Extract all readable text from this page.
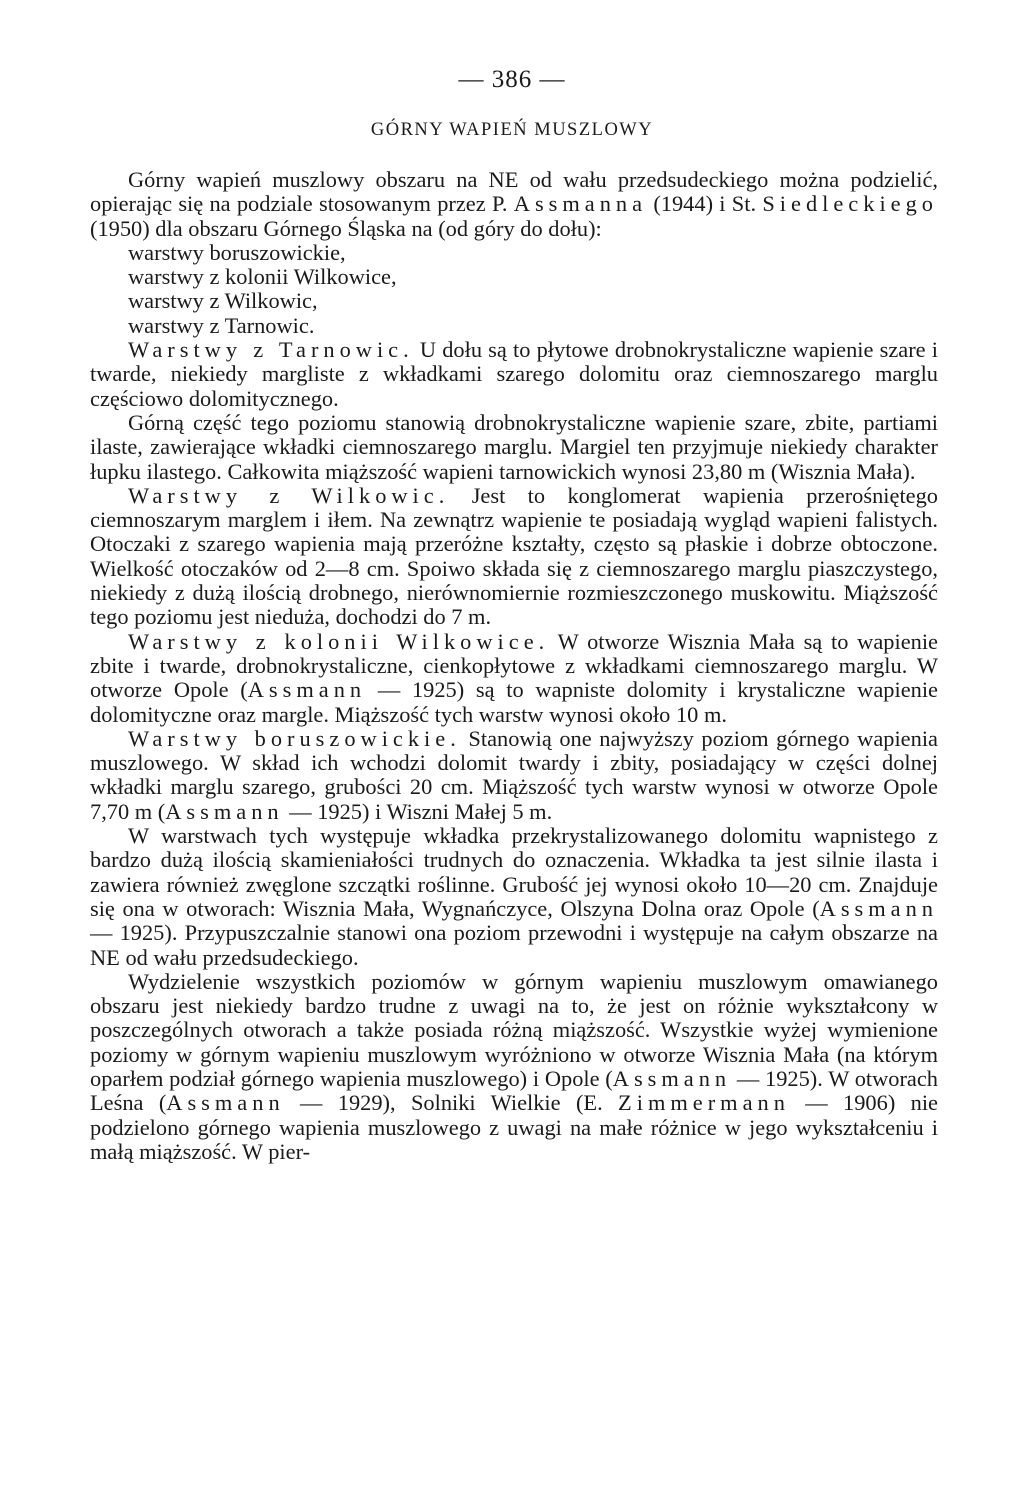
— 386 —
GÓRNY WAPIEŃ MUSZLOWY

Górny wapień muszlowy obszaru na NE od wału przedsudeckiego można podzielić, opierając się na podziale stosowanym przez P. Assmanna (1944) i St. Siedleckiego (1950) dla obszaru Górnego Śląska na (od góry do dołu):

warstwy boruszowickie,
warstwy z kolonii Wilkowice,
warstwy z Wilkowic,
warstwy z Tarnowic.

Warstwy z Tarnowic. U dołu są to płytowe drobnokrystaliczne wapienie szare i twarde, niekiedy margliste z wkładkami szarego dolomitu oraz ciemnoszarego marglu częściowo dolomitycznego.

Górną część tego poziomu stanowią drobnokrystaliczne wapienie szare, zbite, partiami ilaste, zawierające wkładki ciemnoszarego marglu. Margiel ten przyjmuje niekiedy charakter łupku ilastego. Całkowita miąższość wapieni tarnowickich wynosi 23,80 m (Wisznia Mała).

Warstwy z Wilkowic. Jest to konglomerat wapienia przerośniętego ciemnoszarym marglem i iłem. Na zewnątrz wapienie te posiadają wygląd wapieni falistych. Otoczaki z szarego wapienia mają przeróżne kształty, często są płaskie i dobrze obtoczone. Wielkość otoczaków od 2—8 cm. Spoiwo składa się z ciemnoszarego marglu piaszczystego, niekiedy z dużą ilością drobnego, nierównomiernie rozmieszczonego muskowitu. Miąższość tego poziomu jest nieduża, dochodzi do 7 m.

Warstwy z kolonii Wilkowice. W otworze Wisznia Mała są to wapienie zbite i twarde, drobnokrystaliczne, cienkopłytowe z wkładkami ciemnoszarego marglu. W otworze Opole (Assmann — 1925) są to wapniste dolomity i krystaliczne wapienie dolomityczne oraz margle. Miąższość tych warstw wynosi około 10 m.

Warstwy boruszowickie. Stanowią one najwyższy poziom górnego wapienia muszlowego. W skład ich wchodzi dolomit twardy i zbity, posiadający w części dolnej wkładki marglu szarego, grubości 20 cm. Miąższość tych warstw wynosi w otworze Opole 7,70 m (Assmann — 1925) i Wiszni Małej 5 m.

W warstwach tych występuje wkładka przekrystalizowanego dolomitu wapnistego z bardzo dużą ilością skamieniałości trudnych do oznaczenia. Wkładka ta jest silnie ilasta i zawiera również zwęglone szczątki roślinne. Grubość jej wynosi około 10—20 cm. Znajduje się ona w otworach: Wisznia Mała, Wygnańczyce, Olszyna Dolna oraz Opole (Assmann — 1925). Przypuszczalnie stanowi ona poziom przewodni i występuje na całym obszarze na NE od wału przedsudeckiego.

Wydzielenie wszystkich poziomów w górnym wapieniu muszlowym omawianego obszaru jest niekiedy bardzo trudne z uwagi na to, że jest on różnie wykształcony w poszczególnych otworach a także posiada różną miąższość. Wszystkie wyżej wymienione poziomy w górnym wapieniu muszlowym wyróżniono w otworze Wisznia Mała (na którym oparłem podział górnego wapienia muszlowego) i Opole (Assmann — 1925). W otworach Leśna (Assmann — 1929), Solniki Wielkie (E. Zimmermann — 1906) nie podzielono górnego wapienia muszlowego z uwagi na małe różnice w jego wykształceniu i małą miąższość. W pier-
